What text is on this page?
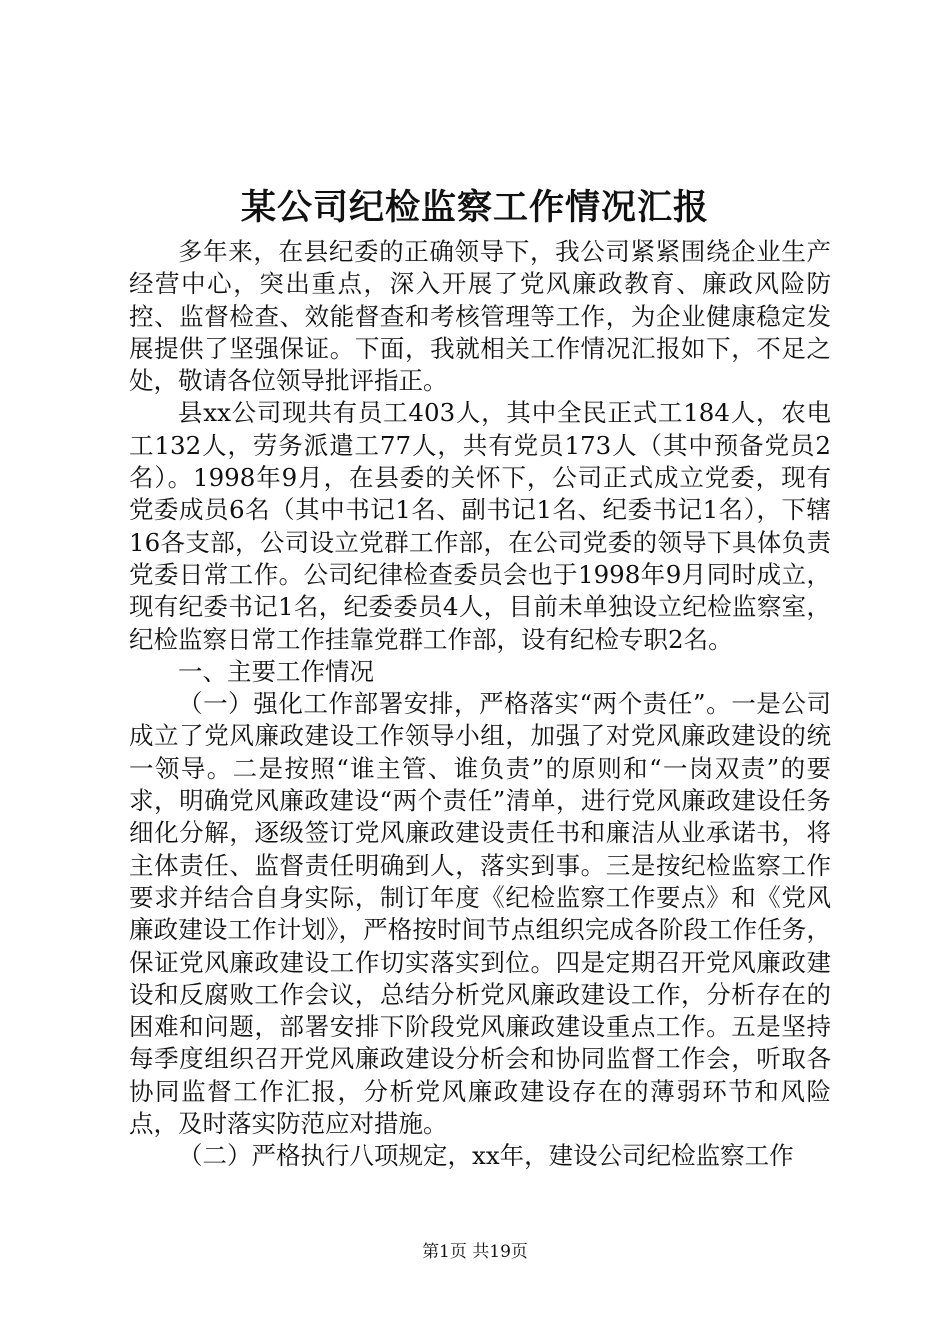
某公司纪检监察工作情况汇报

多年来，在县纪委的正确领导下，我公司紧紧围绕企业生产经营中心，突出重点，深入开展了党风廉政教育、廉政风险防控、监督检查、效能督查和考核管理等工作，为企业健康稳定发展提供了坚强保证。下面，我就相关工作情况汇报如下，不足之处，敬请各位领导批评指正。

县xx公司现共有员工403人，其中全民正式工184人，农电工132人，劳务派遣工77人，共有党员173人（其中预备党员2名）。1998年9月，在县委的关怀下，公司正式成立党委，现有党委成员6名（其中书记1名、副书记1名、纪委书记1名），下辖16各支部，公司设立党群工作部，在公司党委的领导下具体负责党委日常工作。公司纪律检查委员会也于1998年9月同时成立，现有纪委书记1名，纪委委员4人，目前未单独设立纪检监察室，纪检监察日常工作挂靠党群工作部，设有纪检专职2名。

一、主要工作情况

（一）强化工作部署安排，严格落实“两个责任”。一是公司成立了党风廉政建设工作领导小组，加强了对党风廉政建设的统一领导。二是按照“谁主管、谁负责”的原则和“一岗双责”的要求，明确党风廉政建设“两个责任”清单，进行党风廉政建设任务细化分解，逐级签订党风廉政建设责任书和廉洁从业承诺书，将主体责任、监督责任明确到人，落实到事。三是按纪检监察工作要求并结合自身实际，制订年度《纪检监察工作要点》和《党风廉政建设工作计划》，严格按时间节点组织完成各阶段工作任务，保证党风廉政建设工作切实落实到位。四是定期召开党风廉政建设和反腐败工作会议，总结分析党风廉政建设工作，分析存在的困难和问题，部署安排下阶段党风廉政建设重点工作。五是坚持每季度组织召开党风廉政建设分析会和协同监督工作会，听取各协同监督工作汇报，分析党风廉政建设存在的薄弱环节和风险点，及时落实防范应对措施。

（二）严格执行八项规定，xx年，建设公司纪检监察工作

第1页 共19页
